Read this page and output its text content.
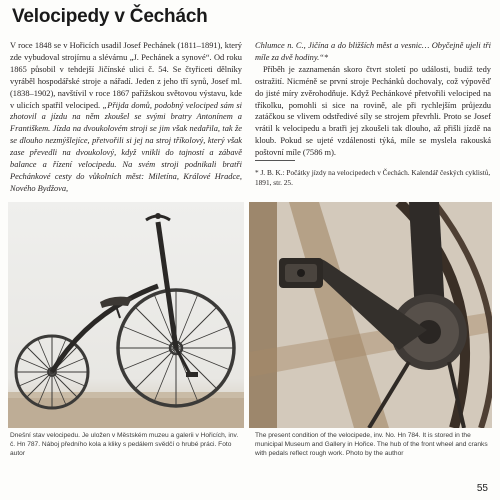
Velocipedy v Čechách

V roce 1848 se v Hořicích usadil Josef Pechánek (1811–1891), který zde vybudoval strojírnu a slévárnu „J. Pechánek a synové“. Od roku 1865 působil v tehdejší Jičínské ulici č. 54. Se čtyřiceti dělníky vyráběl hospodářské stroje a nářadí. Jeden z jeho tří synů, Josef ml. (1838–1902), navštívil v roce 1867 pařížskou světovou výstavu, kde v ulicích spatřil velociped. „Přijda domů, podobný velociped sám si zhotovil a jízdu na něm zkoušel se svými bratry Antonínem a Františkem. Jízda na dvoukolovém stroji se jim však nedařila, tak že se dlouho nezmýšlejíce, přetvořili si jej na stroj tříkolový, který však zase převedli na dvoukolový, když vnikli do tajností a zábavě balance a řízení velocipedu. Na svém stroji podnikali bratři Pechánkové cesty do vůkolních měst: Miletína, Králové Hradce, Nového Bydžova,

Chlumce n. C., Jičína a do bližších měst a vesnic… Obyčejně ujeli tři míle za dvě hodiny.“*

Příběh je zaznamenán skoro čtvrt století po události, budiž tedy ostražití. Nicméně se první stroje Pechánků dochovaly, což výpověď do jisté míry zvěrohodňuje. Když Pechánkové přetvořili velociped na tříkolku, pomohli si sice na rovině, ale při rychlejším průjezdu zatáčkou se vlivem odstředivé síly se strojem převrhli. Proto se Josef vrátil k velocipedu a bratři jej zkoušeli tak dlouho, až přišli jízdě na kloub. Pokud se ujeté vzdálenosti týká, míle se myslela rakouská poštovní míle (7586 m).

* J. B. K.: Počátky jízdy na velocipedech v Čechách. Kalendář českých cyklistů, 1891, str. 25.
Dnešní stav velocipedu. Je uložen v Městském muzeu a galerii v Hořicích, inv. č. Hn 787. Náboj předního kola a kliky s pedálem svědčí o hrubé práci. Foto autor
The present condition of the velocipede, inv. No. Hn 784. It is stored in the municipal Museum and Gallery in Hořice. The hub of the front wheel and cranks with pedals reflect rough work. Photo by the author
55
